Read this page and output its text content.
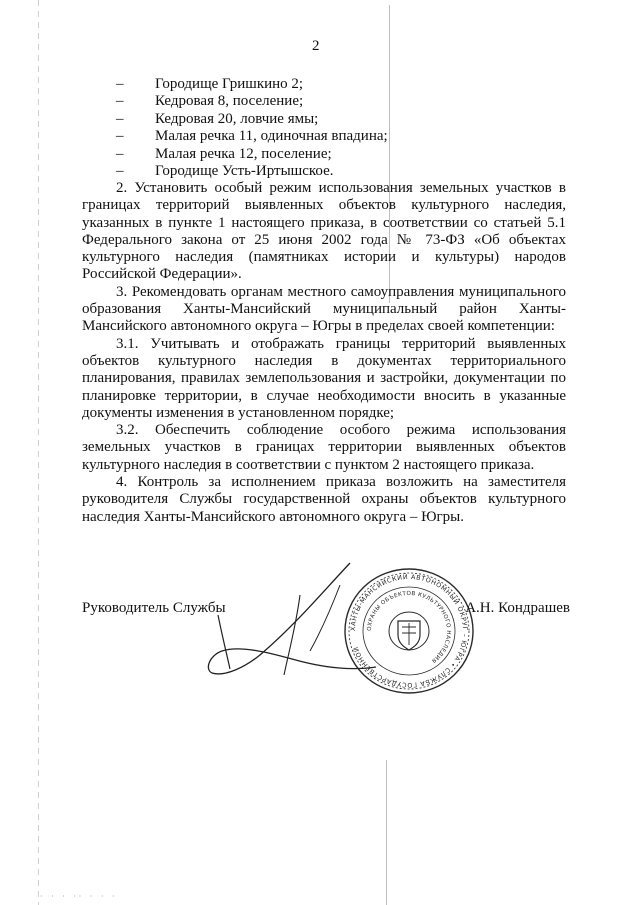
2
– Городище Гришкино 2;
– Кедровая 8, поселение;
– Кедровая 20, ловчие ямы;
– Малая речка 11, одиночная впадина;
– Малая речка 12, поселение;
– Городище Усть-Иртышское.

2. Установить особый режим использования земельных участков в границах территорий выявленных объектов культурного наследия, указанных в пункте 1 настоящего приказа, в соответствии со статьей 5.1 Федерального закона от 25 июня 2002 года № 73-ФЗ «Об объектах культурного наследия (памятниках истории и культуры) народов Российской Федерации».

3. Рекомендовать органам местного самоуправления муниципального образования Ханты-Мансийский муниципальный район Ханты-Мансийского автономного округа – Югры в пределах своей компетенции:

3.1. Учитывать и отображать границы территорий выявленных объектов культурного наследия в документах территориального планирования, правилах землепользования и застройки, документации по планировке территории, в случае необходимости вносить в указанные документы изменения в установленном порядке;

3.2. Обеспечить соблюдение особого режима использования земельных участков в границах территории выявленных объектов культурного наследия в соответствии с пунктом 2 настоящего приказа.

4. Контроль за исполнением приказа возложить на заместителя руководителя Службы государственной охраны объектов культурного наследия Ханты-Мансийского автономного округа – Югры.

ХАНТЫ-МАНСИЙСКИЙ АВТОНОМНЫЙ ОКРУГ – ЮГРА • СЛУЖБА ГОСУДАРСТВЕННОЙ
ОХРАНЫ ОБЪЕКТОВ КУЛЬТУРНОГО НАСЛЕДИЯ
Руководитель Службы	А.Н. Кондрашев
· · · ·· · · ·
